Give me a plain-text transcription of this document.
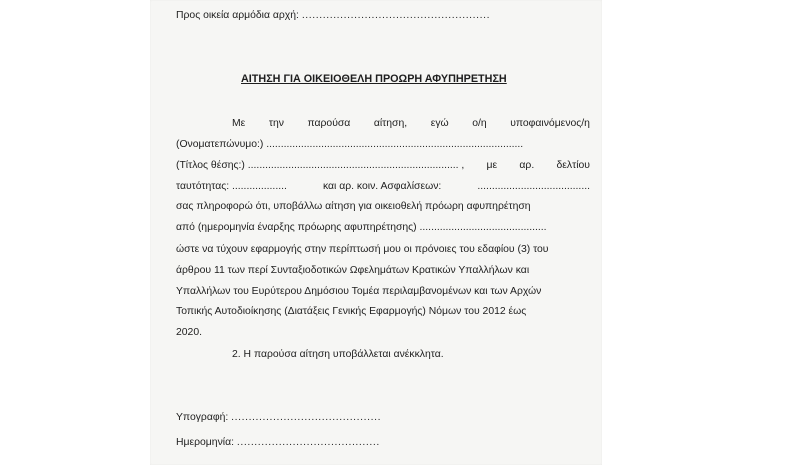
Προς οικεία αρμόδια αρχή: ......................................................
ΑΙΤΗΣΗ ΓΙΑ ΟΙΚΕΙΟΘΕΛΗ ΠΡΟΩΡΗ ΑΦΥΠΗΡΕΤΗΣΗ
Με την παρούσα αίτηση, εγώ ο/η υποφαινόμενος/η
(Ονοματεπώνυμο:) .........................................................................................
(Τίτλος θέσης:) ......................................................................... , με αρ. δελτίου
ταυτότητας: ...................	και αρ. κοιν. Ασφαλίσεων:	.......................................
σας πληροφορώ ότι, υποβάλλω αίτηση για οικειοθελή πρόωρη αφυπηρέτηση
από (ημερομηνία έναρξης πρόωρης αφυπηρέτησης) ............................................
ώστε να τύχουν εφαρμογής στην περίπτωσή μου οι πρόνοιες του εδαφίου (3) του
άρθρου 11 των περί Συνταξιοδοτικών Ωφελημάτων Κρατικών Υπαλλήλων και
Υπαλλήλων του Ευρύτερου Δημόσιου Τομέα περιλαμβανομένων και των Αρχών
Τοπικής Αυτοδιοίκησης (Διατάξεις Γενικής Εφαρμογής) Νόμων του 2012 έως
2020.
2. Η παρούσα αίτηση υποβάλλεται ανέκκλητα.
Υπογραφή: ...........................................
Ημερομηνία: .........................................
